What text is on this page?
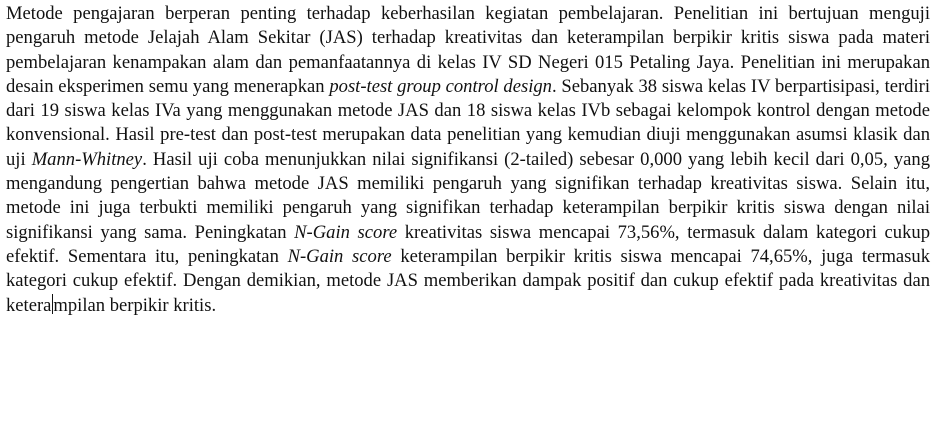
Metode pengajaran berperan penting terhadap keberhasilan kegiatan pembelajaran. Penelitian ini bertujuan menguji pengaruh metode Jelajah Alam Sekitar (JAS) terhadap kreativitas dan keterampilan berpikir kritis siswa pada materi pembelajaran kenampakan alam dan pemanfaatannya di kelas IV SD Negeri 015 Petaling Jaya. Penelitian ini merupakan desain eksperimen semu yang menerapkan post-test group control design. Sebanyak 38 siswa kelas IV berpartisipasi, terdiri dari 19 siswa kelas IVa yang menggunakan metode JAS dan 18 siswa kelas IVb sebagai kelompok kontrol dengan metode konvensional. Hasil pre-test dan post-test merupakan data penelitian yang kemudian diuji menggunakan asumsi klasik dan uji Mann-Whitney. Hasil uji coba menunjukkan nilai signifikansi (2-tailed) sebesar 0,000 yang lebih kecil dari 0,05, yang mengandung pengertian bahwa metode JAS memiliki pengaruh yang signifikan terhadap kreativitas siswa. Selain itu, metode ini juga terbukti memiliki pengaruh yang signifikan terhadap keterampilan berpikir kritis siswa dengan nilai signifikansi yang sama. Peningkatan N-Gain score kreativitas siswa mencapai 73,56%, termasuk dalam kategori cukup efektif. Sementara itu, peningkatan N-Gain score keterampilan berpikir kritis siswa mencapai 74,65%, juga termasuk kategori cukup efektif. Dengan demikian, metode JAS memberikan dampak positif dan cukup efektif pada kreativitas dan ketera mpilan berpikir kritis.
